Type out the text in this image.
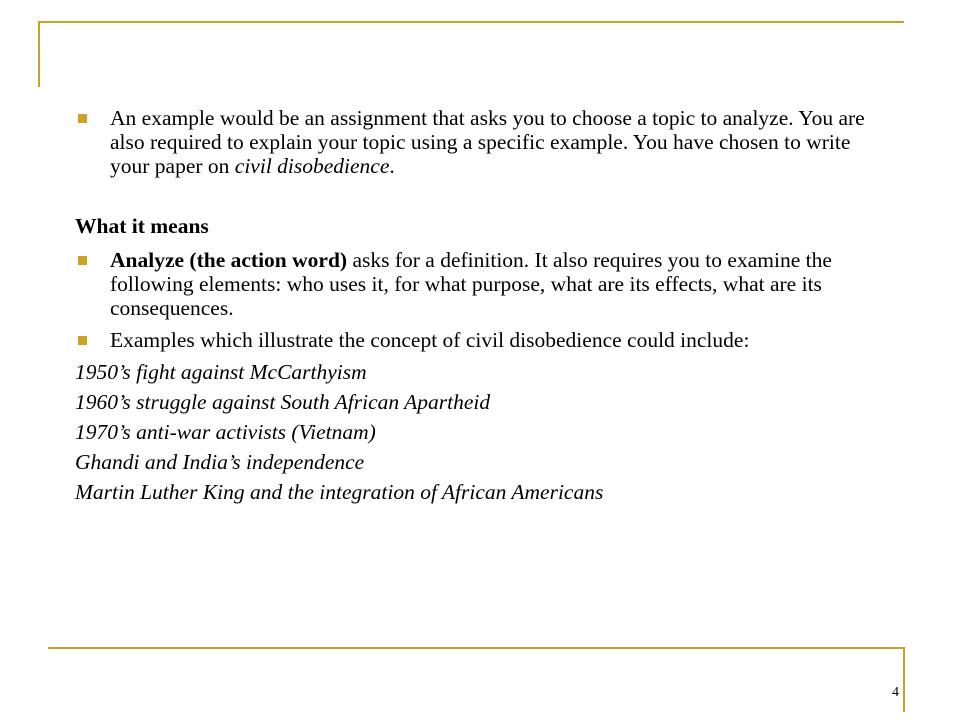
An example would be an assignment that asks you to choose a topic to analyze. You are also required to explain your topic using a specific example. You have chosen to write your paper on civil disobedience.
What it means
Analyze (the action word) asks for a definition. It also requires you to examine the following elements: who uses it, for what purpose, what are its effects, what are its consequences.
Examples which illustrate the concept of civil disobedience could include:
1950’s fight against McCarthyism
1960’s struggle against South African Apartheid
1970’s anti-war activists (Vietnam)
Ghandi and India’s independence
Martin Luther King and the integration of African Americans
4
